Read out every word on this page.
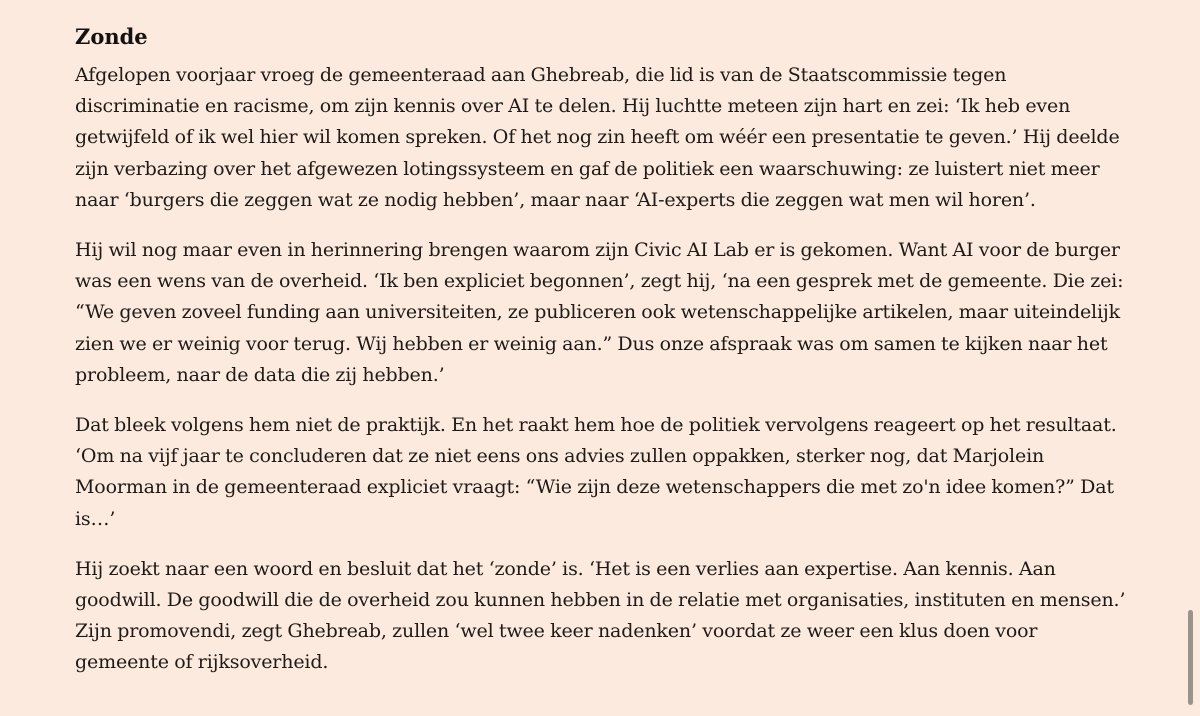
Zonde

Afgelopen voorjaar vroeg de gemeenteraad aan Ghebreab, die lid is van de Staatscommissie tegen discriminatie en racisme, om zijn kennis over AI te delen. Hij luchtte meteen zijn hart en zei: ‘Ik heb even getwijfeld of ik wel hier wil komen spreken. Of het nog zin heeft om wéér een presentatie te geven.’ Hij deelde zijn verbazing over het afgewezen lotingssysteem en gaf de politiek een waarschuwing: ze luistert niet meer naar ‘burgers die zeggen wat ze nodig hebben’, maar naar ‘AI-experts die zeggen wat men wil horen’.

Hij wil nog maar even in herinnering brengen waarom zijn Civic AI Lab er is gekomen. Want AI voor de burger was een wens van de overheid. ‘Ik ben expliciet begonnen’, zegt hij, ‘na een gesprek met de gemeente. Die zei: “We geven zoveel funding aan universiteiten, ze publiceren ook wetenschappelijke artikelen, maar uiteindelijk zien we er weinig voor terug. Wij hebben er weinig aan.” Dus onze afspraak was om samen te kijken naar het probleem, naar de data die zij hebben.’

Dat bleek volgens hem niet de praktijk. En het raakt hem hoe de politiek vervolgens reageert op het resultaat. ‘Om na vijf jaar te concluderen dat ze niet eens ons advies zullen oppakken, sterker nog, dat Marjolein Moorman in de gemeenteraad expliciet vraagt: “Wie zijn deze wetenschappers die met zo'n idee komen?” Dat is…’

Hij zoekt naar een woord en besluit dat het ‘zonde’ is. ‘Het is een verlies aan expertise. Aan kennis. Aan goodwill. De goodwill die de overheid zou kunnen hebben in de relatie met organisaties, instituten en mensen.’ Zijn promovendi, zegt Ghebreab, zullen ‘wel twee keer nadenken’ voordat ze weer een klus doen voor gemeente of rijksoverheid.
